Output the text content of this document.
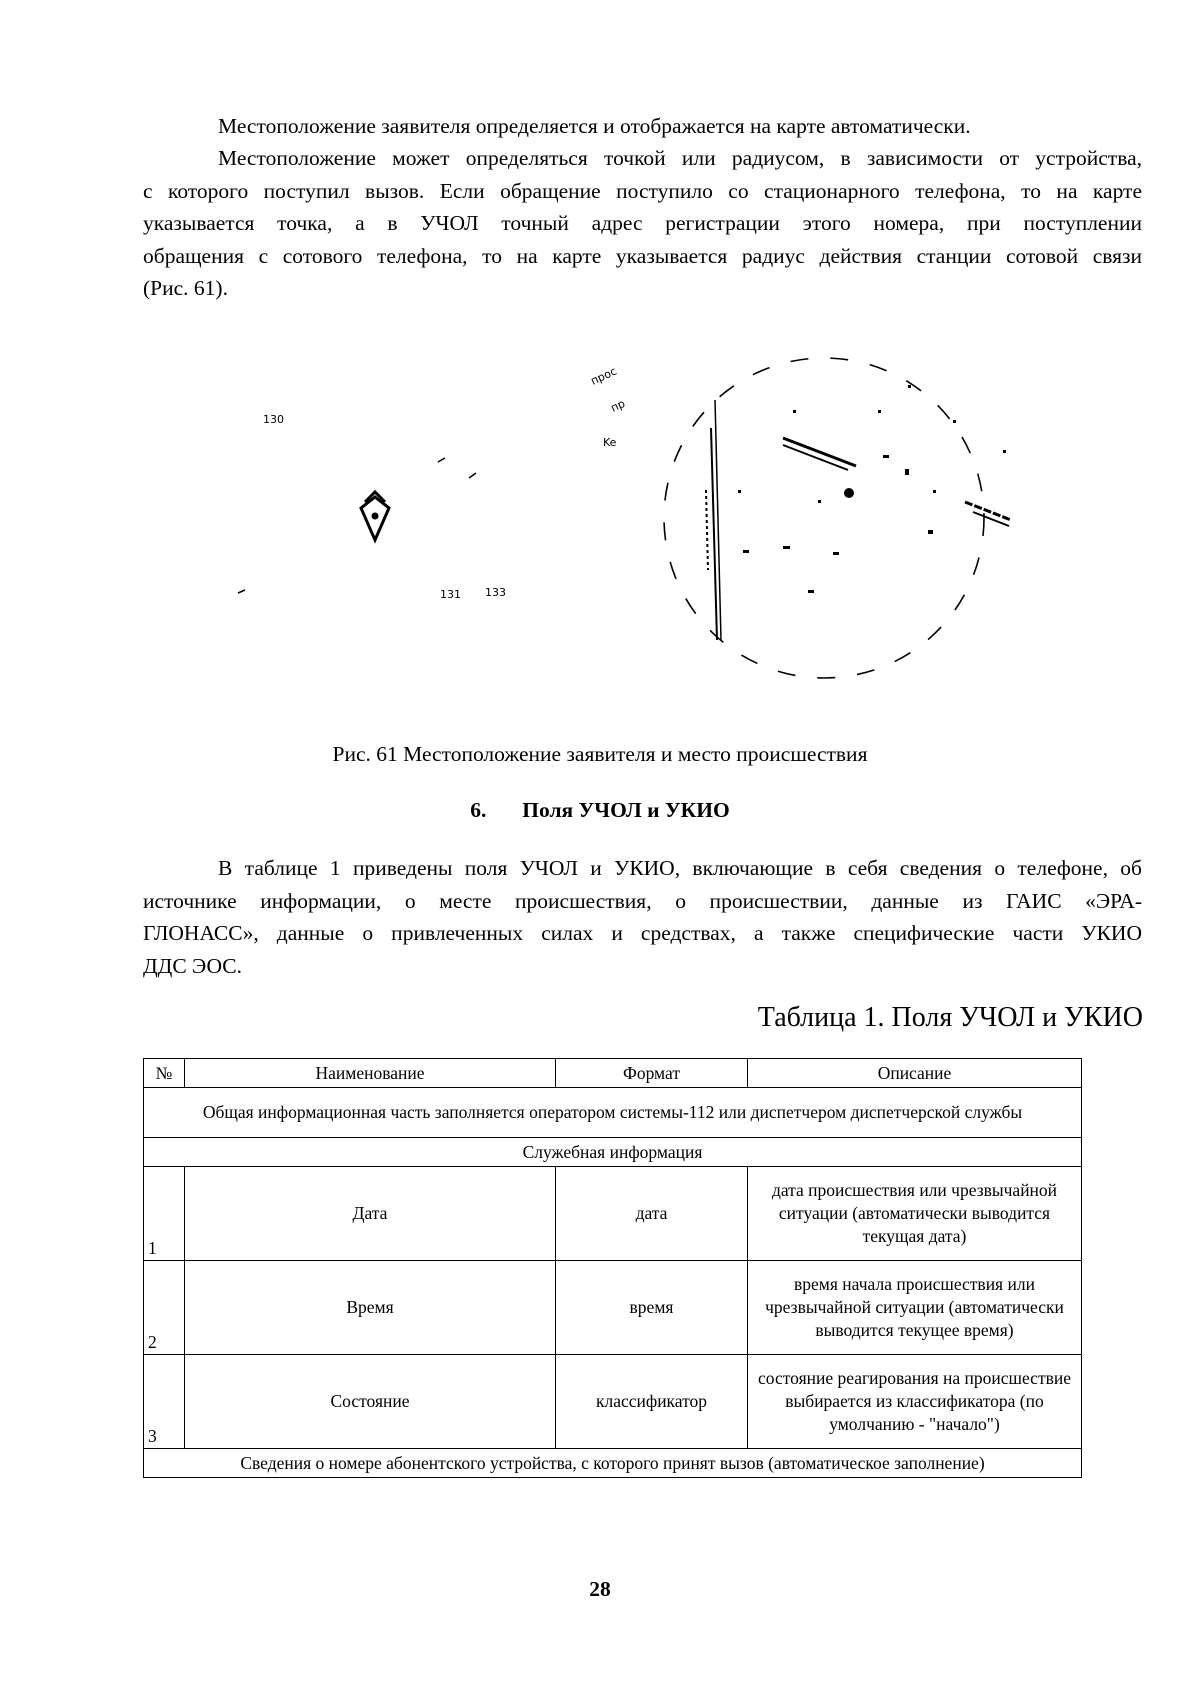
Местоположение заявителя определяется и отображается на карте автоматически.

Местоположение может определяться точкой или радиусом, в зависимости от устройства,
с которого поступил вызов. Если обращение поступило со стационарного телефона, то на карте
указывается точка, а в УЧОЛ точный адрес регистрации этого номера, при поступлении
обращения с сотового телефона, то на карте указывается радиус действия станции сотовой связи
(Рис. 61).
130
131 133
прос
пр
Ke
Рис. 61 Местоположение заявителя и место происшествия
6. Поля УЧОЛ и УКИО
В таблице 1 приведены поля УЧОЛ и УКИО, включающие в себя сведения о телефоне, об
источнике информации, о месте происшествия, о происшествии, данные из ГАИС «ЭРА-
ГЛОНАСС», данные о привлеченных силах и средствах, а также специфические части УКИО
ДДС ЭОС.
Таблица 1. Поля УЧОЛ и УКИО
№	Наименование	Формат	Описание
Общая информационная часть заполняется оператором системы-112 или диспетчером диспетчерской службы			
Служебная информация			
1	Дата	дата	дата происшествия или чрезвычайной ситуации (автоматически выводится текущая дата)
2	Время	время	время начала происшествия или чрезвычайной ситуации (автоматически выводится текущее время)
3	Состояние	классификатор	состояние реагирования на происшествие выбирается из классификатора (по умолчанию - "начало")
Сведения о номере абонентского устройства, с которого принят вызов (автоматическое заполнение)			
28
